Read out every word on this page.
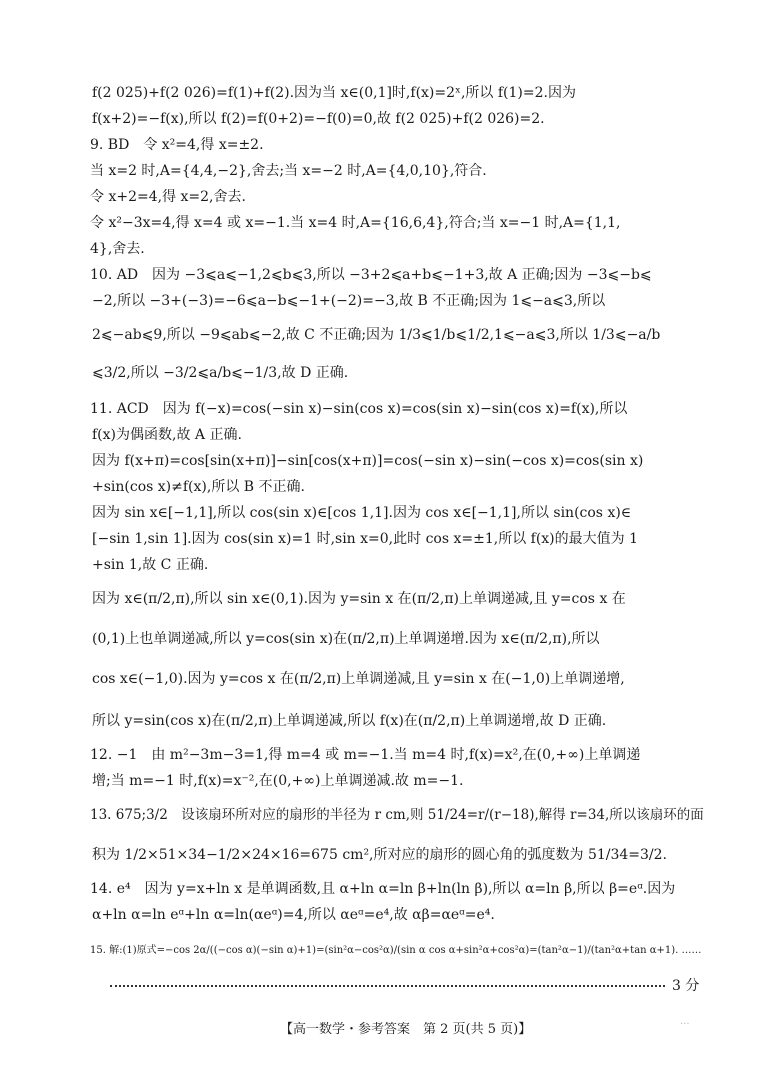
f(2 025)+f(2 026)=f(1)+f(2).因为当 x∈(0,1]时,f(x)=2ˣ,所以 f(1)=2.因为
f(x+2)=−f(x),所以 f(2)=f(0+2)=−f(0)=0,故 f(2 025)+f(2 026)=2.
9. BD　令 x²=4,得 x=±2.
当 x=2 时,A={4,4,−2},舍去;当 x=−2 时,A={4,0,10},符合.
令 x+2=4,得 x=2,舍去.
令 x²−3x=4,得 x=4 或 x=−1.当 x=4 时,A={16,6,4},符合;当 x=−1 时,A={1,1,
4},舍去.
10. AD　因为 −3⩽a⩽−1,2⩽b⩽3,所以 −3+2⩽a+b⩽−1+3,故 A 正确;因为 −3⩽−b⩽
−2,所以 −3+(−3)=−6⩽a−b⩽−1+(−2)=−3,故 B 不正确;因为 1⩽−a⩽3,所以
2⩽−ab⩽9,所以 −9⩽ab⩽−2,故 C 不正确;因为 1/3⩽1/b⩽1/2,1⩽−a⩽3,所以 1/3⩽−a/b
⩽3/2,所以 −3/2⩽a/b⩽−1/3,故 D 正确.
11. ACD　因为 f(−x)=cos(−sin x)−sin(cos x)=cos(sin x)−sin(cos x)=f(x),所以
f(x)为偶函数,故 A 正确.
因为 f(x+π)=cos[sin(x+π)]−sin[cos(x+π)]=cos(−sin x)−sin(−cos x)=cos(sin x)
+sin(cos x)≠f(x),所以 B 不正确.
因为 sin x∈[−1,1],所以 cos(sin x)∈[cos 1,1].因为 cos x∈[−1,1],所以 sin(cos x)∈
[−sin 1,sin 1].因为 cos(sin x)=1 时,sin x=0,此时 cos x=±1,所以 f(x)的最大值为 1
+sin 1,故 C 正确.
因为 x∈(π/2,π),所以 sin x∈(0,1).因为 y=sin x 在(π/2,π)上单调递减,且 y=cos x 在
(0,1)上也单调递减,所以 y=cos(sin x)在(π/2,π)上单调递增.因为 x∈(π/2,π),所以
cos x∈(−1,0).因为 y=cos x 在(π/2,π)上单调递减,且 y=sin x 在(−1,0)上单调递增,
所以 y=sin(cos x)在(π/2,π)上单调递减,所以 f(x)在(π/2,π)上单调递增,故 D 正确.
12. −1　由 m²−3m−3=1,得 m=4 或 m=−1.当 m=4 时,f(x)=x²,在(0,+∞)上单调递
增;当 m=−1 时,f(x)=x⁻²,在(0,+∞)上单调递减.故 m=−1.
13. 675;3/2　设该扇环所对应的扇形的半径为 r cm,则 51/24=r/(r−18),解得 r=34,所以该扇环的面
积为 1/2×51×34−1/2×24×16=675 cm²,所对应的扇形的圆心角的弧度数为 51/34=3/2.
14. e⁴　因为 y=x+ln x 是单调函数,且 α+ln α=ln β+ln(ln β),所以 α=ln β,所以 β=eᵅ.因为
α+ln α=ln eᵅ+ln α=ln(αeᵅ)=4,所以 αeᵅ=e⁴,故 αβ=αeᵅ=e⁴.
15. 解:(1)原式=−cos 2α/((−cos α)(−sin α)+1)=(sin²α−cos²α)/(sin α cos α+sin²α+cos²α)=(tan²α−1)/(tan²α+tan α+1). ……
3 分
【高一数学・参考答案　第 2 页(共 5 页)】
...
